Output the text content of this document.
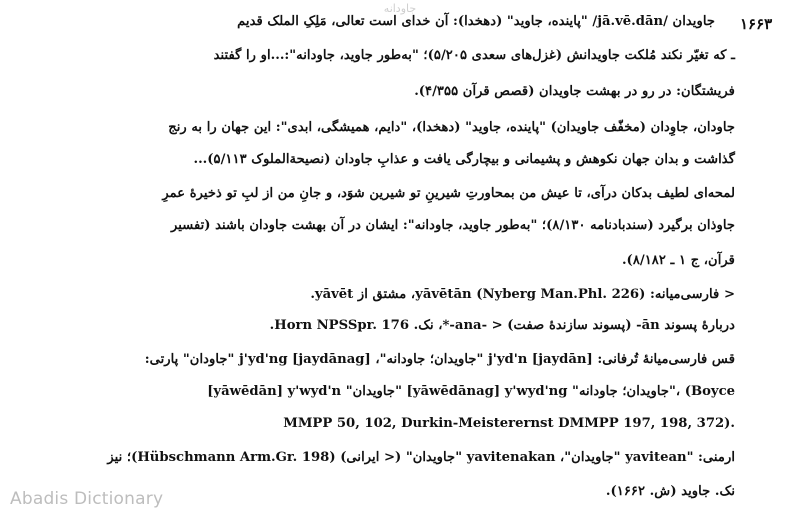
جاودانه
۱۶۶۳
جاویدان /jā.vē.dān/ "پاینده، جاوید" (دهخدا): آن خدای است تعالی، مَلِکِ الملک قدیم
ـ که تغیّر نکند مُلکت جاویدانش (غزل‌های سعدی ۵/۲۰۵)؛ "به‌طور جاوید، جاودانه":...او را گفتند
فریشتگان: در رو در بهشت جاویدان (قصص قرآن ۴/۳۵۵).
جاودان، جاوِدان (مخفّف جاویدان) "پاینده، جاوید" (دهخدا)، "دایم، همیشگی، ابدی": این جهان را به رنج
گذاشت و بدان جهان نکوهش و پشیمانی و بیچارگی یافت و عذابِ جاودان (نصیحة‌الملوک ۵/۱۱۳)...
لمحه‌ای لطیف بدکان درآی، تا عیش من بمحاورتِ شیرینِ تو شیرین شوَد، و جانِ من از لبِ تو ذخیرهٔ عمرِ
جاوذان برگیرد (سندبادنامه ۸/۱۳۰)؛ "به‌طور جاوید، جاودانه": ایشان در آن بهشت جاودان باشند (تفسیر
قرآن، ج ۱ ـ ۸/۱۸۲).
< فارسی‌میانه: yāvētān (Nyberg Man.Phl. 226)، مشتق از yāvēt.
دربارهٔ پسوند ān- (پسوند سازندهٔ صفت) < -ana-*، نک. Horn NPSSpr. 176.
قس فارسی‌میانهٔ تُرفانی: [jaydān] j'yd'n "جاویدان؛ جاودانه"، [jaydānag] j'yd'ng "جاودان" پارتی:
[yāwēdān] y'wyd'n "جاویدان" [yāwēdānag] y'wyd'ng "جاویدان؛ جاودانه"، (Boyce
MMPP 50, 102, Durkin-Meisterernst DMMPP 197, 198, 372).
ارمنی: "yavitean "جاویدان"، yavitenakan "جاویدان" (< ایرانی) (Hübschmann Arm.Gr. 198)؛ نیز
نک. جاوید (ش. ۱۶۶۲).
Abadis Dictionary
